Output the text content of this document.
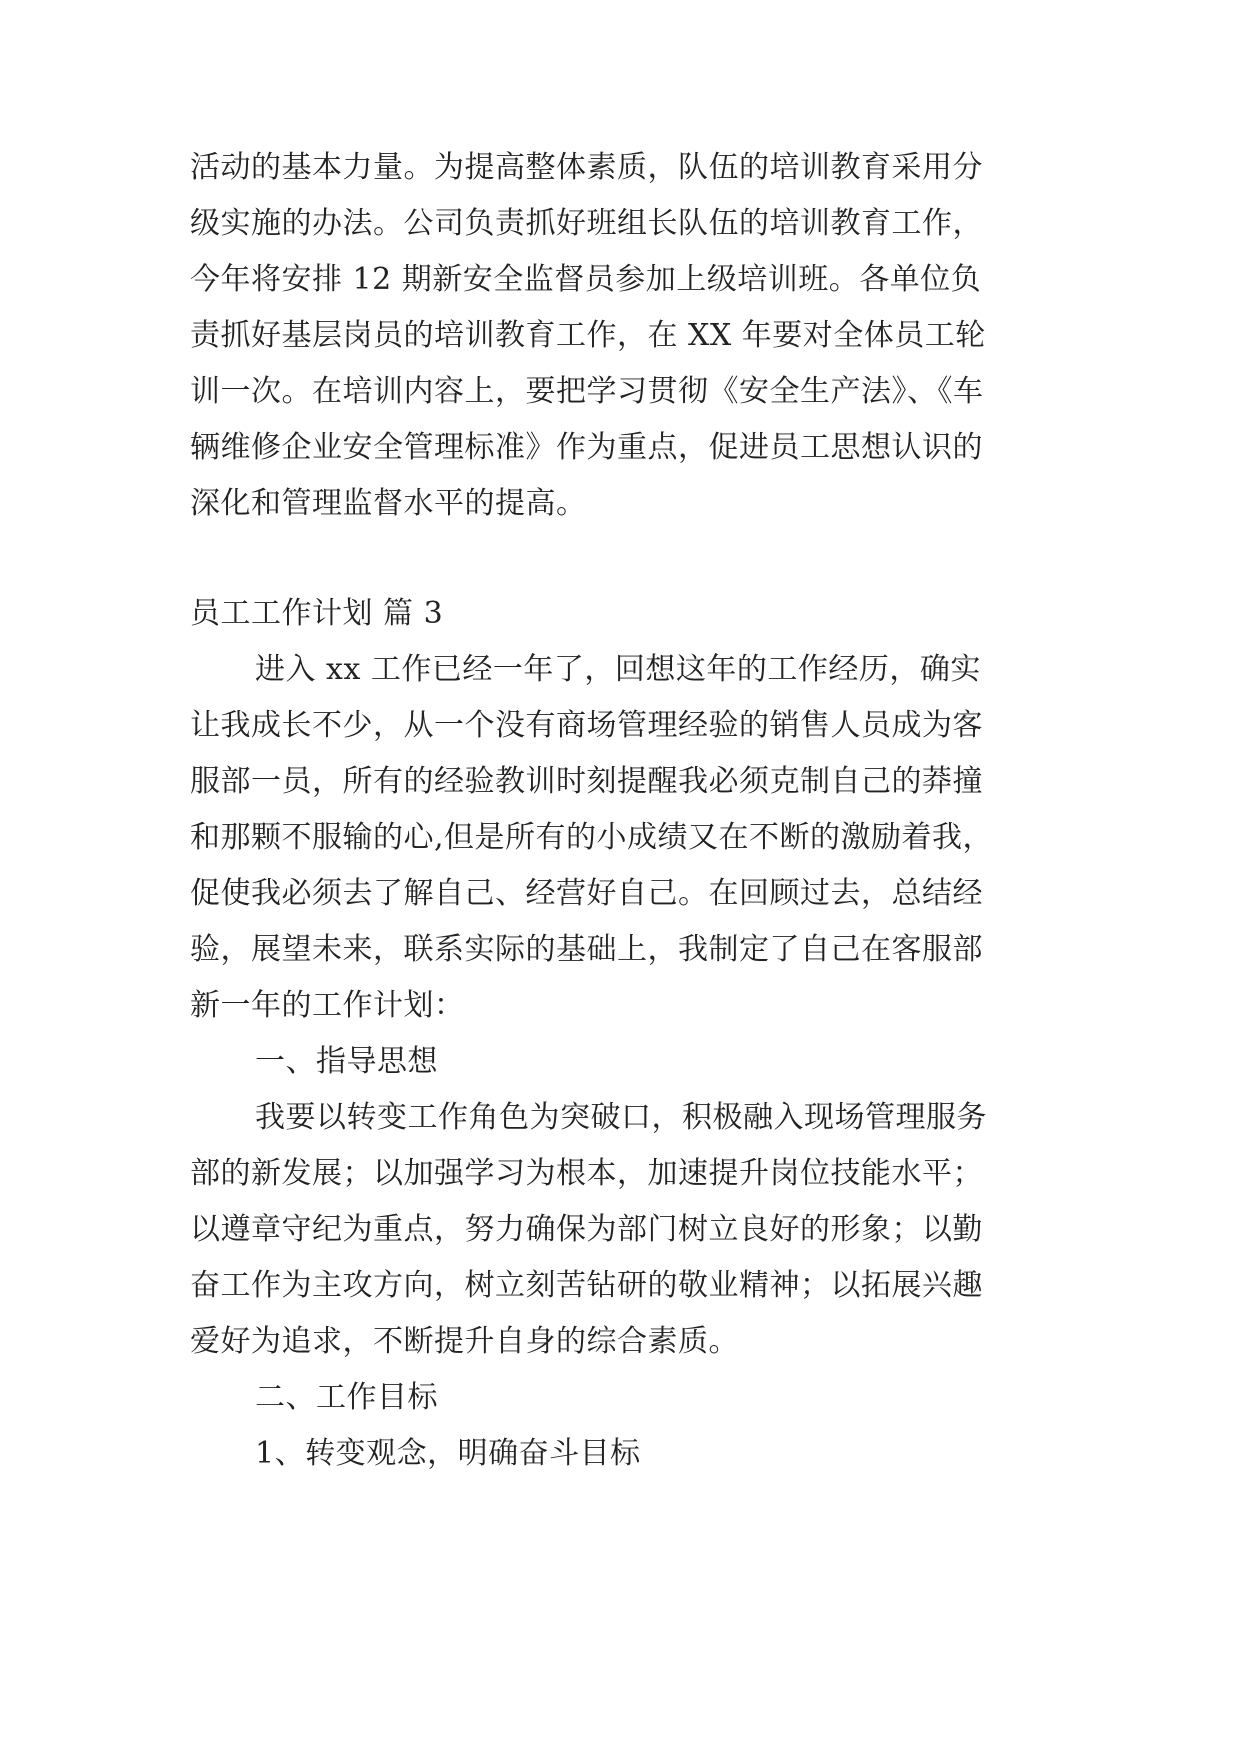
活动的基本力量。为提高整体素质，队伍的培训教育采用分
级实施的办法。公司负责抓好班组长队伍的培训教育工作，
今年将安排 12 期新安全监督员参加上级培训班。各单位负
责抓好基层岗员的培训教育工作，在 XX 年要对全体员工轮
训一次。在培训内容上，要把学习贯彻《安全生产法》、《车
辆维修企业安全管理标准》作为重点，促进员工思想认识的
深化和管理监督水平的提高。
员工工作计划 篇 3
进入 xx 工作已经一年了，回想这年的工作经历，确实
让我成长不少，从一个没有商场管理经验的销售人员成为客
服部一员，所有的经验教训时刻提醒我必须克制自己的莽撞
和那颗不服输的心,但是所有的小成绩又在不断的激励着我，
促使我必须去了解自己、经营好自己。在回顾过去，总结经
验，展望未来，联系实际的基础上，我制定了自己在客服部
新一年的工作计划：
一、指导思想
我要以转变工作角色为突破口，积极融入现场管理服务
部的新发展；以加强学习为根本，加速提升岗位技能水平；
以遵章守纪为重点，努力确保为部门树立良好的形象；以勤
奋工作为主攻方向，树立刻苦钻研的敬业精神；以拓展兴趣
爱好为追求，不断提升自身的综合素质。
二、工作目标
1、转变观念，明确奋斗目标
